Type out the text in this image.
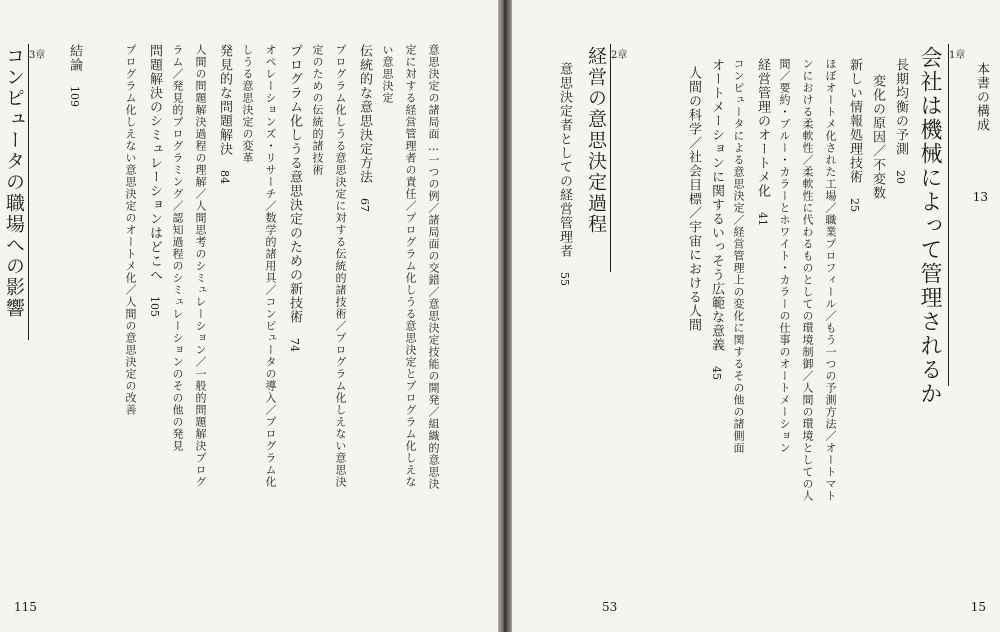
本書の構成
13
1章
会社は機械によって管理されるか
長期均衡の予測　20
変化の原因／不変数
新しい情報処理技術　25
ほぼオートメ化された工場／職業プロフィール／もう一つの予測方法／オートマト
ンにおける柔軟性／柔軟性に代わるものとしての環境制御／人間の環境としての人
間／要約・ブルー・カラーとホワイト・カラーの仕事のオートメーション
経営管理のオートメ化　41
コンピュータによる意思決定／経営管理上の変化に関するその他の諸側面
オートメーションに関するいっそう広範な意義　45
人間の科学／社会目標／宇宙における人間
2章
経営の意思決定過程
意思決定者としての経営管理者　55
53	15
意思決定の諸局面…一つの例／諸局面の交錯／意思決定技能の開発／組織的意思決
定に対する経営管理者の責任／プログラム化しうる意思決定とプログラム化しえな
い意思決定
伝統的な意思決定方法　67
プログラム化しうる意思決定に対する伝統的諸技術／プログラム化しえない意思決
定のための伝統的諸技術
プログラム化しうる意思決定のための新技術　74
オペレーションズ・リサーチ／数学的諸用具／コンピュータの導入／プログラム化
しうる意思決定の変革
発見的な問題解決　84
人間の問題解決過程の理解／人間思考のシミュレーション／一般的問題解決プログ
ラム／発見的プログラミング／認知過程のシミュレーションのその他の発見
問題解決のシミュレーションはどこへ　105
プログラム化しえない意思決定のオートメ化／人間の意思決定の改善
結論　109
3章
コンピュータの職場への影響
115
